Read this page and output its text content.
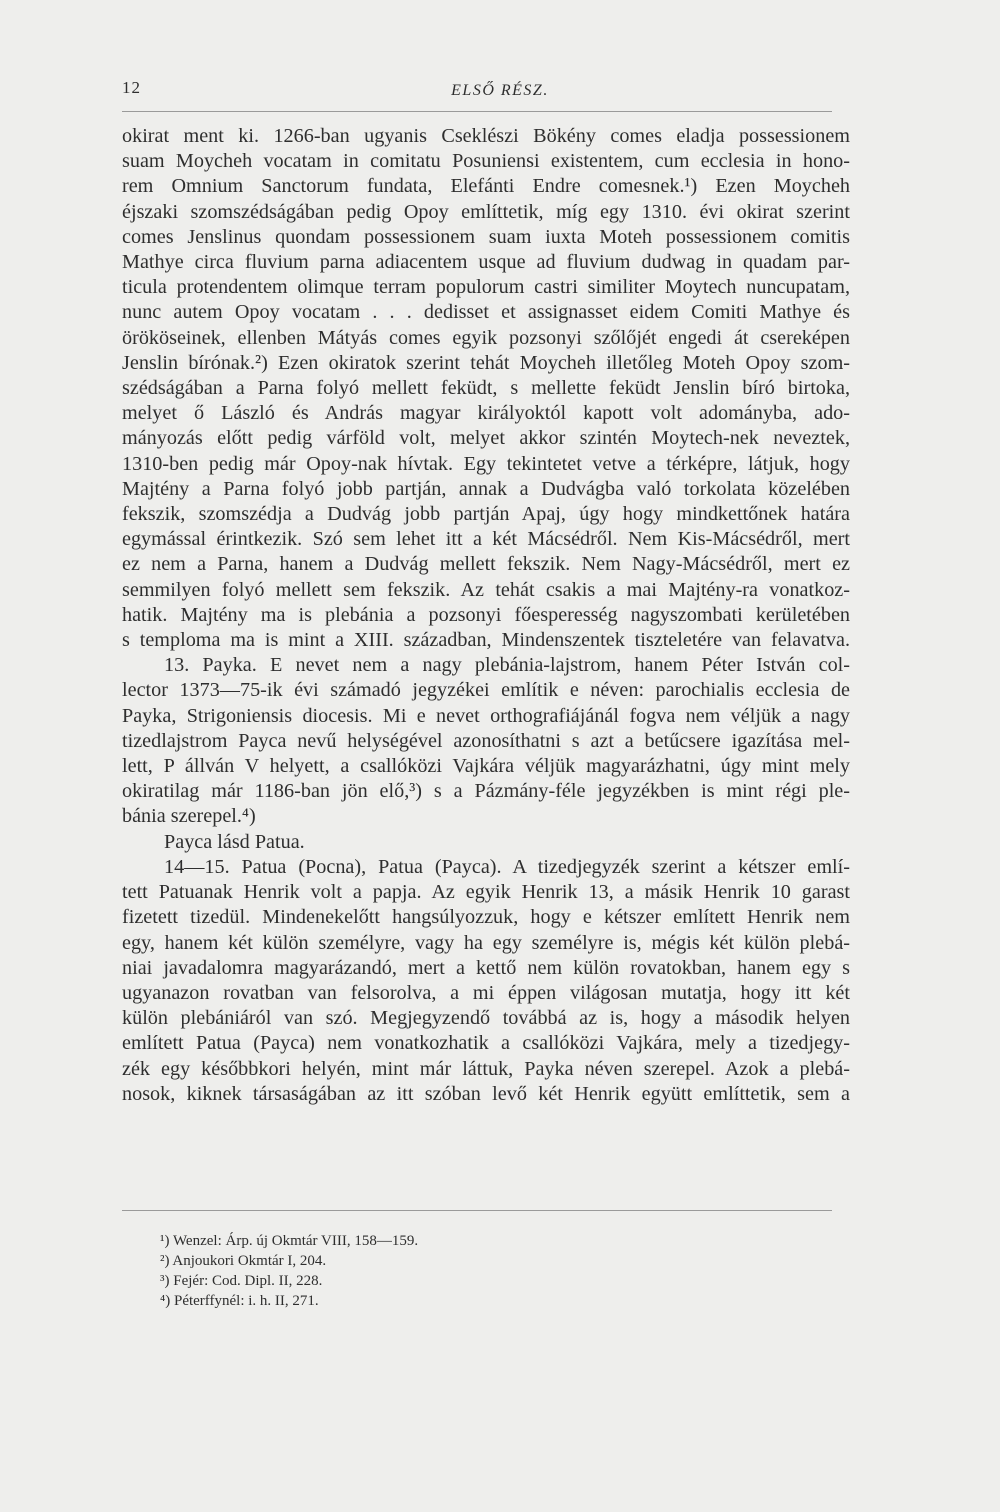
12	ELSŐ RÉSZ.
okirat ment ki. 1266-ban ugyanis Cseklészi Bökény comes eladja possessionem
suam Moycheh vocatam in comitatu Posuniensi existentem, cum ecclesia in hono-
rem Omnium Sanctorum fundata, Elefánti Endre comesnek.¹) Ezen Moycheh
éjszaki szomszédságában pedig Opoy említtetik, míg egy 1310. évi okirat szerint
comes Jenslinus quondam possessionem suam iuxta Moteh possessionem comitis
Mathye circa fluvium parna adiacentem usque ad fluvium dudwag in quadam par-
ticula protendentem olimque terram populorum castri similiter Moytech nuncupatam,
nunc autem Opoy vocatam . . . dedisset et assignasset eidem Comiti Mathye és
örököseinek, ellenben Mátyás comes egyik pozsonyi szőlőjét engedi át csereképen
Jenslin bírónak.²) Ezen okiratok szerint tehát Moycheh illetőleg Moteh Opoy szom-
szédságában a Parna folyó mellett feküdt, s mellette feküdt Jenslin bíró birtoka,
melyet ő László és András magyar királyoktól kapott volt adományba, ado-
mányozás előtt pedig várföld volt, melyet akkor szintén Moytech-nek neveztek,
1310-ben pedig már Opoy-nak hívtak. Egy tekintetet vetve a térképre, látjuk, hogy
Majtény a Parna folyó jobb partján, annak a Dudvágba való torkolata közelében
fekszik, szomszédja a Dudvág jobb partján Apaj, úgy hogy mindkettőnek határa
egymással érintkezik. Szó sem lehet itt a két Mácsédről. Nem Kis-Mácsédről, mert
ez nem a Parna, hanem a Dudvág mellett fekszik. Nem Nagy-Mácsédről, mert ez
semmilyen folyó mellett sem fekszik. Az tehát csakis a mai Majtény-ra vonatkoz-
hatik. Majtény ma is plebánia a pozsonyi főesperesség nagyszombati kerületében
s temploma ma is mint a XIII. században, Mindenszentek tiszteletére van felavatva.
13. Payka. E nevet nem a nagy plebánia-lajstrom, hanem Péter István col-
lector 1373—75-ik évi számadó jegyzékei említik e néven: parochialis ecclesia de
Payka, Strigoniensis diocesis. Mi e nevet orthografiájánál fogva nem véljük a nagy
tizedlajstrom Payca nevű helységével azonosíthatni s azt a betűcsere igazítása mel-
lett, P állván V helyett, a csallóközi Vajkára véljük magyarázhatni, úgy mint mely
okiratilag már 1186-ban jön elő,³) s a Pázmány-féle jegyzékben is mint régi ple-
bánia szerepel.⁴)
Payca lásd Patua.
14—15. Patua (Pocna), Patua (Payca). A tizedjegyzék szerint a kétszer emlí-
tett Patuanak Henrik volt a papja. Az egyik Henrik 13, a másik Henrik 10 garast
fizetett tizedül. Mindenekelőtt hangsúlyozzuk, hogy e kétszer említett Henrik nem
egy, hanem két külön személyre, vagy ha egy személyre is, mégis két külön plebá-
niai javadalomra magyarázandó, mert a kettő nem külön rovatokban, hanem egy s
ugyanazon rovatban van felsorolva, a mi éppen világosan mutatja, hogy itt két
külön plebániáról van szó. Megjegyzendő továbbá az is, hogy a második helyen
említett Patua (Payca) nem vonatkozhatik a csallóközi Vajkára, mely a tizedjegy-
zék egy későbbkori helyén, mint már láttuk, Payka néven szerepel. Azok a plebá-
nosok, kiknek társaságában az itt szóban levő két Henrik együtt említtetik, sem a
¹) Wenzel: Árp. új Okmtár VIII, 158—159.
²) Anjoukori Okmtár I, 204.
³) Fejér: Cod. Dipl. II, 228.
⁴) Péterffynél: i. h. II, 271.
